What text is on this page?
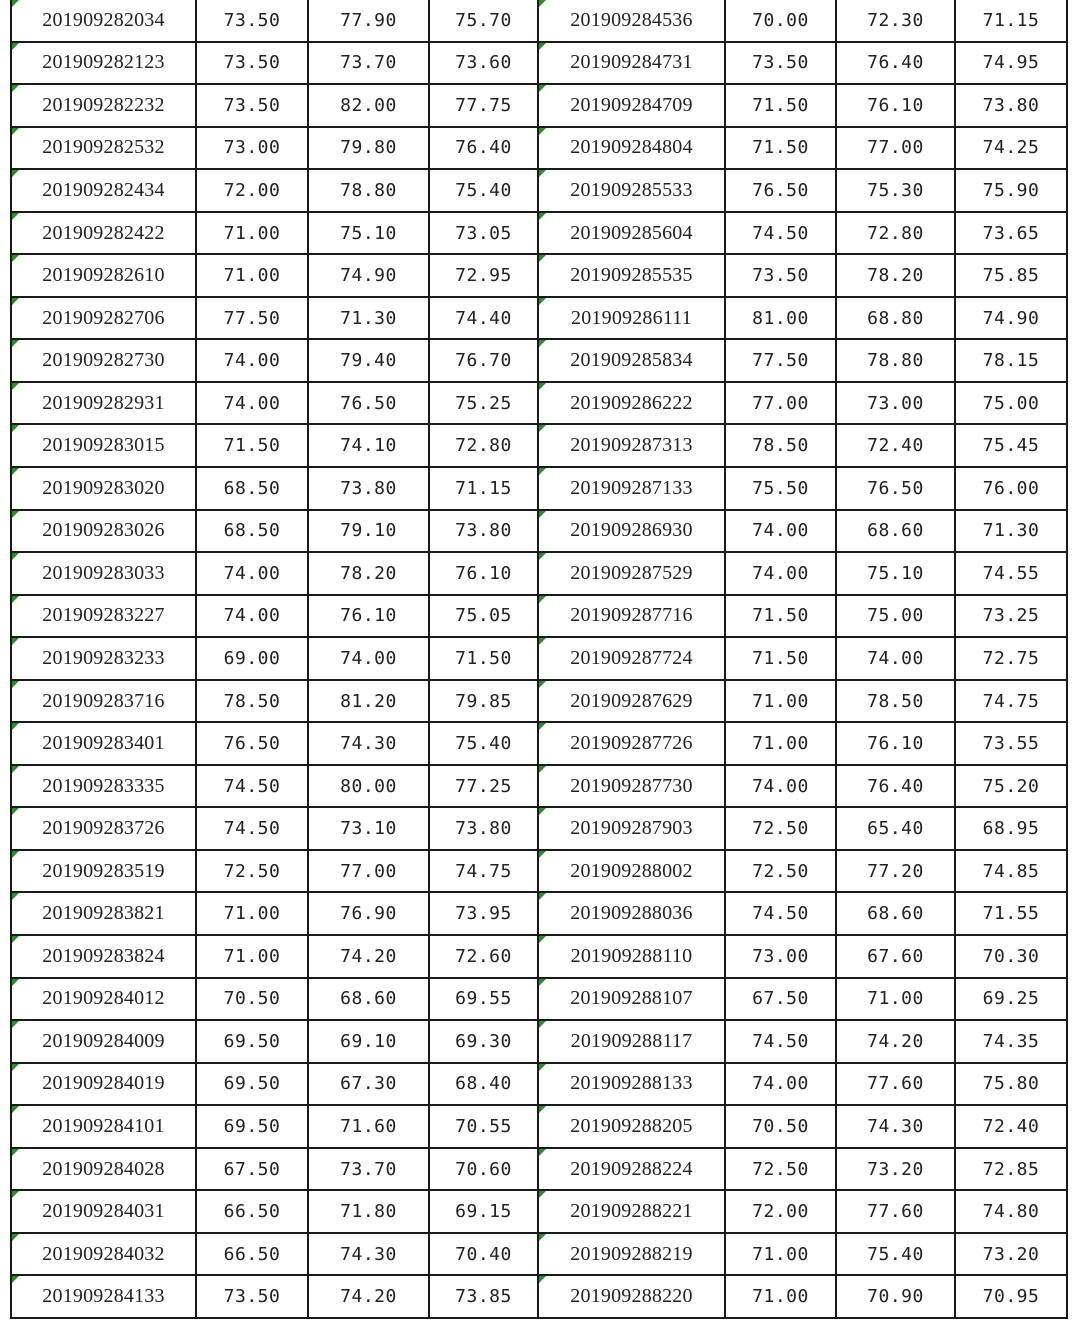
201909282034	73.50	77.90	75.70	201909284536	70.00	72.30	71.15
201909282123	73.50	73.70	73.60	201909284731	73.50	76.40	74.95
201909282232	73.50	82.00	77.75	201909284709	71.50	76.10	73.80
201909282532	73.00	79.80	76.40	201909284804	71.50	77.00	74.25
201909282434	72.00	78.80	75.40	201909285533	76.50	75.30	75.90
201909282422	71.00	75.10	73.05	201909285604	74.50	72.80	73.65
201909282610	71.00	74.90	72.95	201909285535	73.50	78.20	75.85
201909282706	77.50	71.30	74.40	201909286111	81.00	68.80	74.90
201909282730	74.00	79.40	76.70	201909285834	77.50	78.80	78.15
201909282931	74.00	76.50	75.25	201909286222	77.00	73.00	75.00
201909283015	71.50	74.10	72.80	201909287313	78.50	72.40	75.45
201909283020	68.50	73.80	71.15	201909287133	75.50	76.50	76.00
201909283026	68.50	79.10	73.80	201909286930	74.00	68.60	71.30
201909283033	74.00	78.20	76.10	201909287529	74.00	75.10	74.55
201909283227	74.00	76.10	75.05	201909287716	71.50	75.00	73.25
201909283233	69.00	74.00	71.50	201909287724	71.50	74.00	72.75
201909283716	78.50	81.20	79.85	201909287629	71.00	78.50	74.75
201909283401	76.50	74.30	75.40	201909287726	71.00	76.10	73.55
201909283335	74.50	80.00	77.25	201909287730	74.00	76.40	75.20
201909283726	74.50	73.10	73.80	201909287903	72.50	65.40	68.95
201909283519	72.50	77.00	74.75	201909288002	72.50	77.20	74.85
201909283821	71.00	76.90	73.95	201909288036	74.50	68.60	71.55
201909283824	71.00	74.20	72.60	201909288110	73.00	67.60	70.30
201909284012	70.50	68.60	69.55	201909288107	67.50	71.00	69.25
201909284009	69.50	69.10	69.30	201909288117	74.50	74.20	74.35
201909284019	69.50	67.30	68.40	201909288133	74.00	77.60	75.80
201909284101	69.50	71.60	70.55	201909288205	70.50	74.30	72.40
201909284028	67.50	73.70	70.60	201909288224	72.50	73.20	72.85
201909284031	66.50	71.80	69.15	201909288221	72.00	77.60	74.80
201909284032	66.50	74.30	70.40	201909288219	71.00	75.40	73.20
201909284133	73.50	74.20	73.85	201909288220	71.00	70.90	70.95
